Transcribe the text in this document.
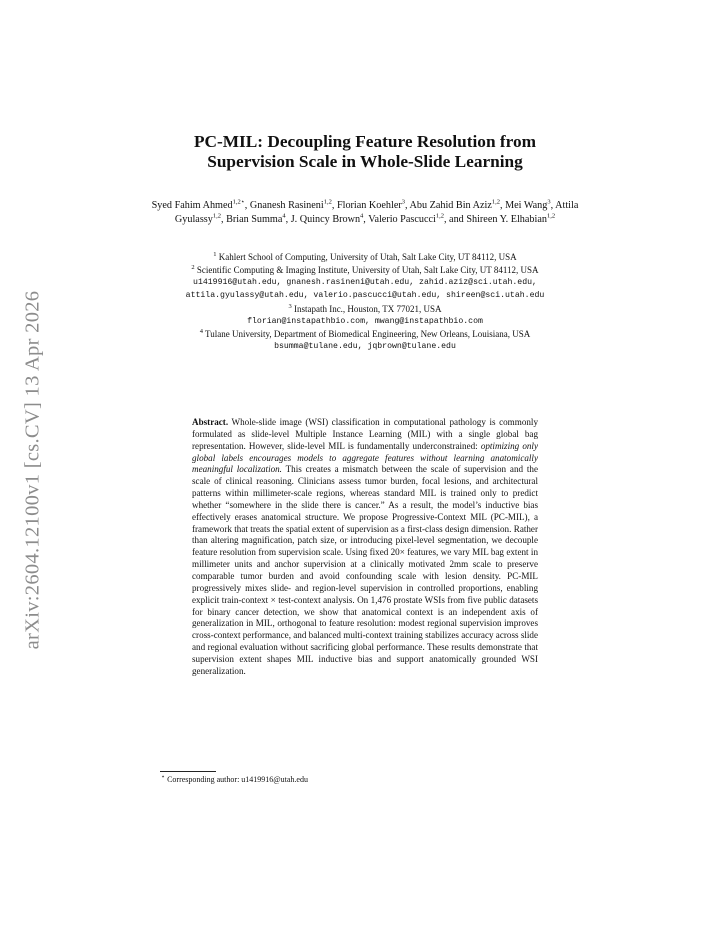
arXiv:2604.12100v1 [cs.CV] 13 Apr 2026
PC-MIL: Decoupling Feature Resolution from
Supervision Scale in Whole-Slide Learning
Syed Fahim Ahmed$^{1,2⋆}$, Gnanesh Rasineni$^{1,2}$, Florian Koehler$^3$, Abu Zahid Bin Aziz$^{1,2}$, Mei Wang$^3$, Attila Gyulassy$^{1,2}$, Brian Summa$^4$, J. Quincy Brown$^4$, Valerio Pascucci$^{1,2}$, and Shireen Y. Elhabian$^{1,2}$
$^1$ Kahlert School of Computing, University of Utah, Salt Lake City, UT 84112, USA
$^2$ Scientific Computing & Imaging Institute, University of Utah, Salt Lake City, UT 84112, USA
u1419916@utah.edu, gnanesh.rasineni@utah.edu, zahid.aziz@sci.utah.edu,
attila.gyulassy@utah.edu, valerio.pascucci@utah.edu, shireen@sci.utah.edu
$^3$ Instapath Inc., Houston, TX 77021, USA
florian@instapathbio.com, mwang@instapathbio.com
$^4$ Tulane University, Department of Biomedical Engineering, New Orleans, Louisiana, USA
bsumma@tulane.edu, jqbrown@tulane.edu
Abstract. Whole-slide image (WSI) classification in computational pathology is commonly formulated as slide-level Multiple Instance Learning (MIL) with a single global bag representation. However, slide-level MIL is fundamentally underconstrained: optimizing only global labels encourages models to aggregate features without learning anatomically meaningful localization. This creates a mismatch between the scale of supervision and the scale of clinical reasoning. Clinicians assess tumor burden, focal lesions, and architectural patterns within millimeter-scale regions, whereas standard MIL is trained only to predict whether “somewhere in the slide there is cancer.” As a result, the model’s inductive bias effectively erases anatomical structure. We propose Progressive-Context MIL (PC-MIL), a framework that treats the spatial extent of supervision as a first-class design dimension. Rather than altering magnification, patch size, or introducing pixel-level segmentation, we decouple feature resolution from supervision scale. Using fixed 20× features, we vary MIL bag extent in millimeter units and anchor supervision at a clinically motivated 2mm scale to preserve comparable tumor burden and avoid confounding scale with lesion density. PC-MIL progressively mixes slide- and region-level supervision in controlled proportions, enabling explicit train-context × test-context analysis. On 1,476 prostate WSIs from five public datasets for binary cancer detection, we show that anatomical context is an independent axis of generalization in MIL, orthogonal to feature resolution: modest regional supervision improves cross-context performance, and balanced multi-context training stabilizes accuracy across slide and regional evaluation without sacrificing global performance. These results demonstrate that supervision extent shapes MIL inductive bias and support anatomically grounded WSI generalization.
⋆ Corresponding author: u1419916@utah.edu
